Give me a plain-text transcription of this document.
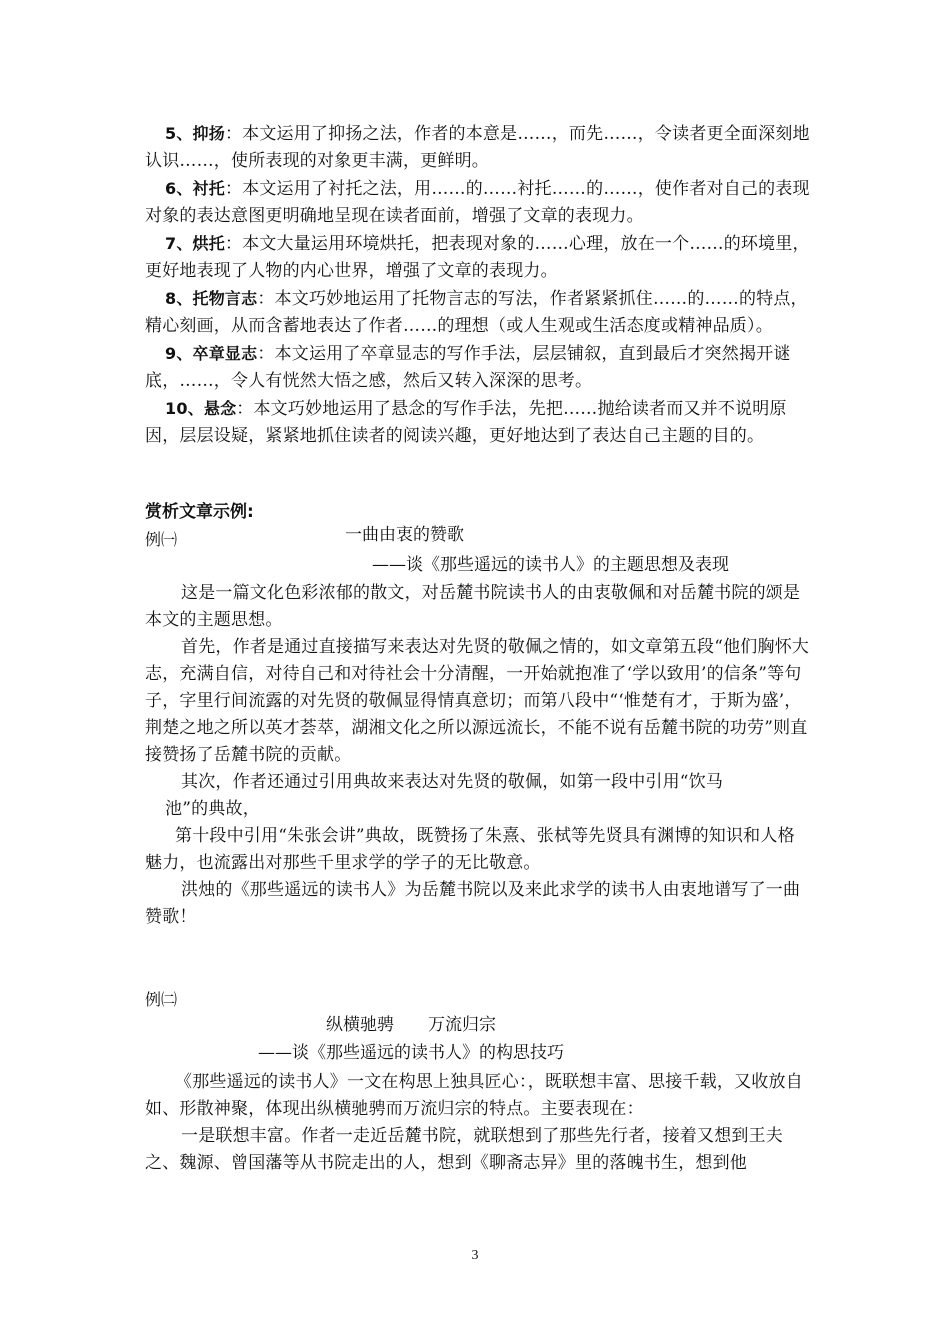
5、抑扬：本文运用了抑扬之法，作者的本意是……，而先……，令读者更全面深刻地认识……，使所表现的对象更丰满，更鲜明。

6、衬托：本文运用了衬托之法，用……的……衬托……的……，使作者对自己的表现对象的表达意图更明确地呈现在读者面前，增强了文章的表现力。

7、烘托：本文大量运用环境烘托，把表现对象的……心理，放在一个……的环境里，更好地表现了人物的内心世界，增强了文章的表现力。

8、托物言志：本文巧妙地运用了托物言志的写法，作者紧紧抓住……的……的特点，精心刻画，从而含蓄地表达了作者……的理想（或人生观或生活态度或精神品质）。

9、卒章显志：本文运用了卒章显志的写作手法，层层铺叙，直到最后才突然揭开谜底，……，令人有恍然大悟之感，然后又转入深深的思考。

10、悬念：本文巧妙地运用了悬念的写作手法，先把……抛给读者而又并不说明原因，层层设疑，紧紧地抓住读者的阅读兴趣，更好地达到了表达自己主题的目的。

赏析文章示例:
例㈠	一曲由衷的赞歌
——谈《那些遥远的读书人》的主题思想及表现

这是一篇文化色彩浓郁的散文，对岳麓书院读书人的由衷敬佩和对岳麓书院的颂是本文的主题思想。

首先，作者是通过直接描写来表达对先贤的敬佩之情的，如文章第五段“他们胸怀大志，充满自信，对待自己和对待社会十分清醒，一开始就抱准了‘学以致用’的信条”等句子，字里行间流露的对先贤的敬佩显得情真意切；而第八段中“‘惟楚有才，于斯为盛’，荆楚之地之所以英才荟萃，湖湘文化之所以源远流长，不能不说有岳麓书院的功劳”则直接赞扬了岳麓书院的贡献。

其次，作者还通过引用典故来表达对先贤的敬佩，如第一段中引用“饮马

池”的典故，

第十段中引用“朱张会讲”典故，既赞扬了朱熹、张栻等先贤具有渊博的知识和人格魅力，也流露出对那些千里求学的学子的无比敬意。

洪烛的《那些遥远的读书人》为岳麓书院以及来此求学的读书人由衷地谱写了一曲赞歌！

例㈡
纵横驰骋　　万流归宗
——谈《那些遥远的读书人》的构思技巧

《那些遥远的读书人》一文在构思上独具匠心：，既联想丰富、思接千载，又收放自如、形散神聚，体现出纵横驰骋而万流归宗的特点。主要表现在：

一是联想丰富。作者一走近岳麓书院，就联想到了那些先行者，接着又想到王夫之、魏源、曾国藩等从书院走出的人，想到《聊斋志异》里的落魄书生，想到他

3
